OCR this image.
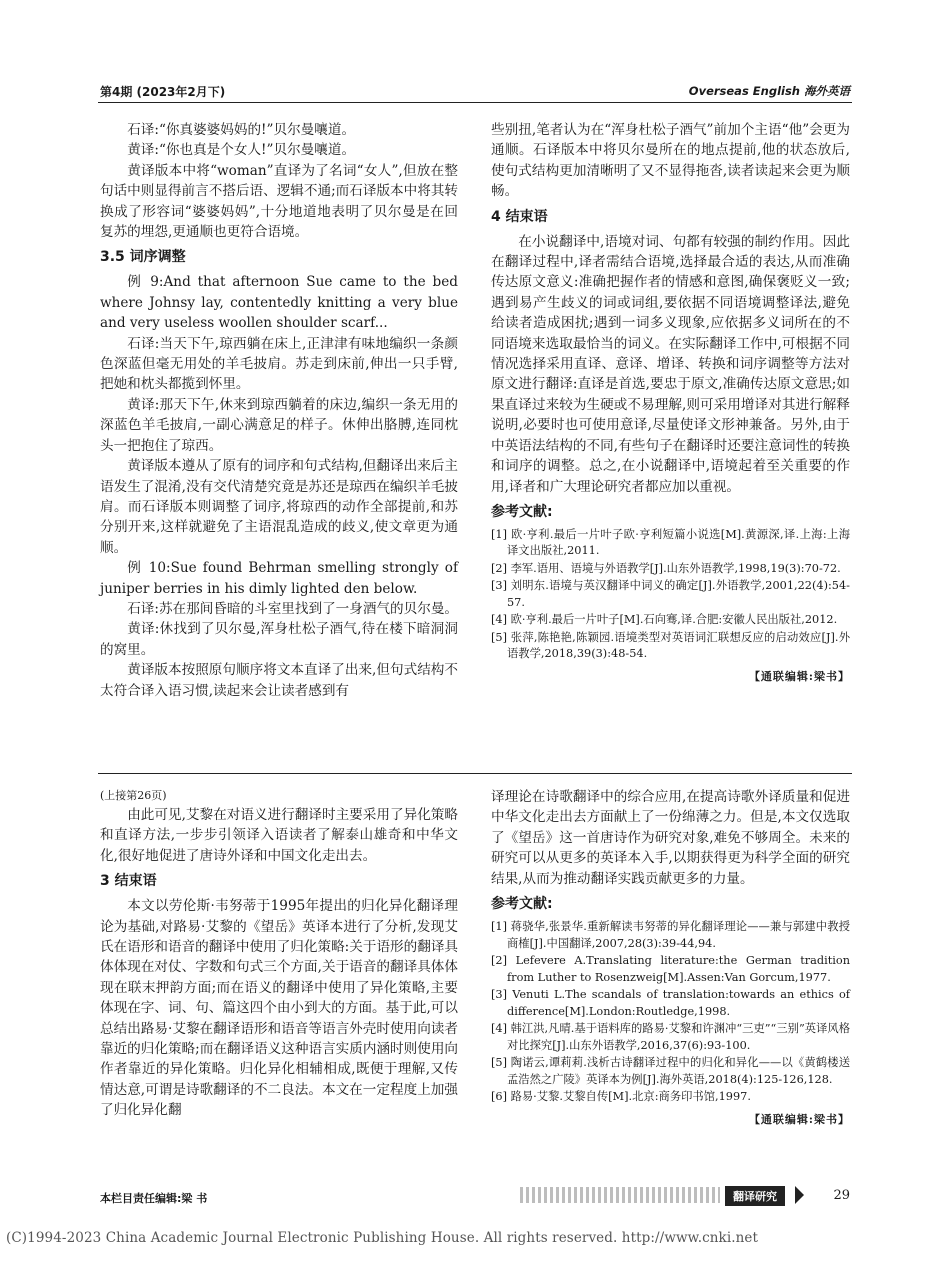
第4期 (2023年2月下)	Overseas English 海外英语

石译:“你真婆婆妈妈的!”贝尔曼嚷道。

黄译:“你也真是个女人!”贝尔曼嚷道。

黄译版本中将“woman”直译为了名词“女人”,但放在整句话中则显得前言不搭后语、逻辑不通;而石译版本中将其转换成了形容词“婆婆妈妈”,十分地道地表明了贝尔曼是在回复苏的埋怨,更通顺也更符合语境。

3.5 词序调整

例 9:And that afternoon Sue came to the bed where Johnsy lay, contentedly knitting a very blue and very useless woollen shoulder scarf...

石译:当天下午,琼西躺在床上,正津津有味地编织一条颜色深蓝但毫无用处的羊毛披肩。苏走到床前,伸出一只手臂,把她和枕头都揽到怀里。

黄译:那天下午,休来到琼西躺着的床边,编织一条无用的深蓝色羊毛披肩,一副心满意足的样子。休伸出胳膊,连同枕头一把抱住了琼西。

黄译版本遵从了原有的词序和句式结构,但翻译出来后主语发生了混淆,没有交代清楚究竟是苏还是琼西在编织羊毛披肩。而石译版本则调整了词序,将琼西的动作全部提前,和苏分别开来,这样就避免了主语混乱造成的歧义,使文章更为通顺。

例 10:Sue found Behrman smelling strongly of juniper berries in his dimly lighted den below.

石译:苏在那间昏暗的斗室里找到了一身酒气的贝尔曼。

黄译:休找到了贝尔曼,浑身杜松子酒气,待在楼下暗洞洞的窝里。

黄译版本按照原句顺序将文本直译了出来,但句式结构不太符合译入语习惯,读起来会让读者感到有

些别扭,笔者认为在“浑身杜松子酒气”前加个主语“他”会更为通顺。石译版本中将贝尔曼所在的地点提前,他的状态放后,使句式结构更加清晰明了又不显得拖沓,读者读起来会更为顺畅。

4 结束语

在小说翻译中,语境对词、句都有较强的制约作用。因此在翻译过程中,译者需结合语境,选择最合适的表达,从而准确传达原文意义:准确把握作者的情感和意图,确保褒贬义一致;遇到易产生歧义的词或词组,要依据不同语境调整译法,避免给读者造成困扰;遇到一词多义现象,应依据多义词所在的不同语境来选取最恰当的词义。在实际翻译工作中,可根据不同情况选择采用直译、意译、增译、转换和词序调整等方法对原文进行翻译:直译是首选,要忠于原文,准确传达原文意思;如果直译过来较为生硬或不易理解,则可采用增译对其进行解释说明,必要时也可使用意译,尽量使译文形神兼备。另外,由于中英语法结构的不同,有些句子在翻译时还要注意词性的转换和词序的调整。总之,在小说翻译中,语境起着至关重要的作用,译者和广大理论研究者都应加以重视。

参考文献:
[1] 欧·亨利.最后一片叶子欧·亨利短篇小说选[M].黄源深,译.上海:上海译文出版社,2011.
[2] 李军.语用、语境与外语教学[J].山东外语教学,1998,19(3):70-72.
[3] 刘明东.语境与英汉翻译中词义的确定[J].外语教学,2001,22(4):54-57.
[4] 欧·亨利.最后一片叶子[M].石向骞,译.合肥:安徽人民出版社,2012.
[5] 张萍,陈艳艳,陈颖园.语境类型对英语词汇联想反应的启动效应[J].外语教学,2018,39(3):48-54.
【通联编辑:梁书】

(上接第26页)

由此可见,艾黎在对语义进行翻译时主要采用了异化策略和直译方法,一步步引领译入语读者了解泰山雄奇和中华文化,很好地促进了唐诗外译和中国文化走出去。

3 结束语

本文以劳伦斯·韦努蒂于1995年提出的归化异化翻译理论为基础,对路易·艾黎的《望岳》英译本进行了分析,发现艾氏在语形和语音的翻译中使用了归化策略:关于语形的翻译具体体现在对仗、字数和句式三个方面,关于语音的翻译具体体现在联末押韵方面;而在语义的翻译中使用了异化策略,主要体现在字、词、句、篇这四个由小到大的方面。基于此,可以总结出路易·艾黎在翻译语形和语音等语言外壳时使用向读者靠近的归化策略;而在翻译语义这种语言实质内涵时则使用向作者靠近的异化策略。归化异化相辅相成,既便于理解,又传情达意,可谓是诗歌翻译的不二良法。本文在一定程度上加强了归化异化翻

译理论在诗歌翻译中的综合应用,在提高诗歌外译质量和促进中华文化走出去方面献上了一份绵薄之力。但是,本文仅选取了《望岳》这一首唐诗作为研究对象,难免不够周全。未来的研究可以从更多的英译本入手,以期获得更为科学全面的研究结果,从而为推动翻译实践贡献更多的力量。

参考文献:
[1] 蒋骁华,张景华.重新解读韦努蒂的异化翻译理论——兼与郭建中教授商榷[J].中国翻译,2007,28(3):39-44,94.
[2] Lefevere A.Translating literature:the German tradition from Luther to Rosenzweig[M].Assen:Van Gorcum,1977.
[3] Venuti L.The scandals of translation:towards an ethics of difference[M].London:Routledge,1998.
[4] 韩江洪,凡晴.基于语料库的路易·艾黎和许渊冲“三吏”“三别”英译风格对比探究[J].山东外语教学,2016,37(6):93-100.
[5] 陶诺云,谭莉莉.浅析古诗翻译过程中的归化和异化——以《黄鹤楼送孟浩然之广陵》英译本为例[J].海外英语,2018(4):125-126,128.
[6] 路易·艾黎.艾黎自传[M].北京:商务印书馆,1997.
【通联编辑:梁书】
本栏目责任编辑:梁 书	翻译研究	29
(C)1994-2023 China Academic Journal Electronic Publishing House. All rights reserved. http://www.cnki.net
